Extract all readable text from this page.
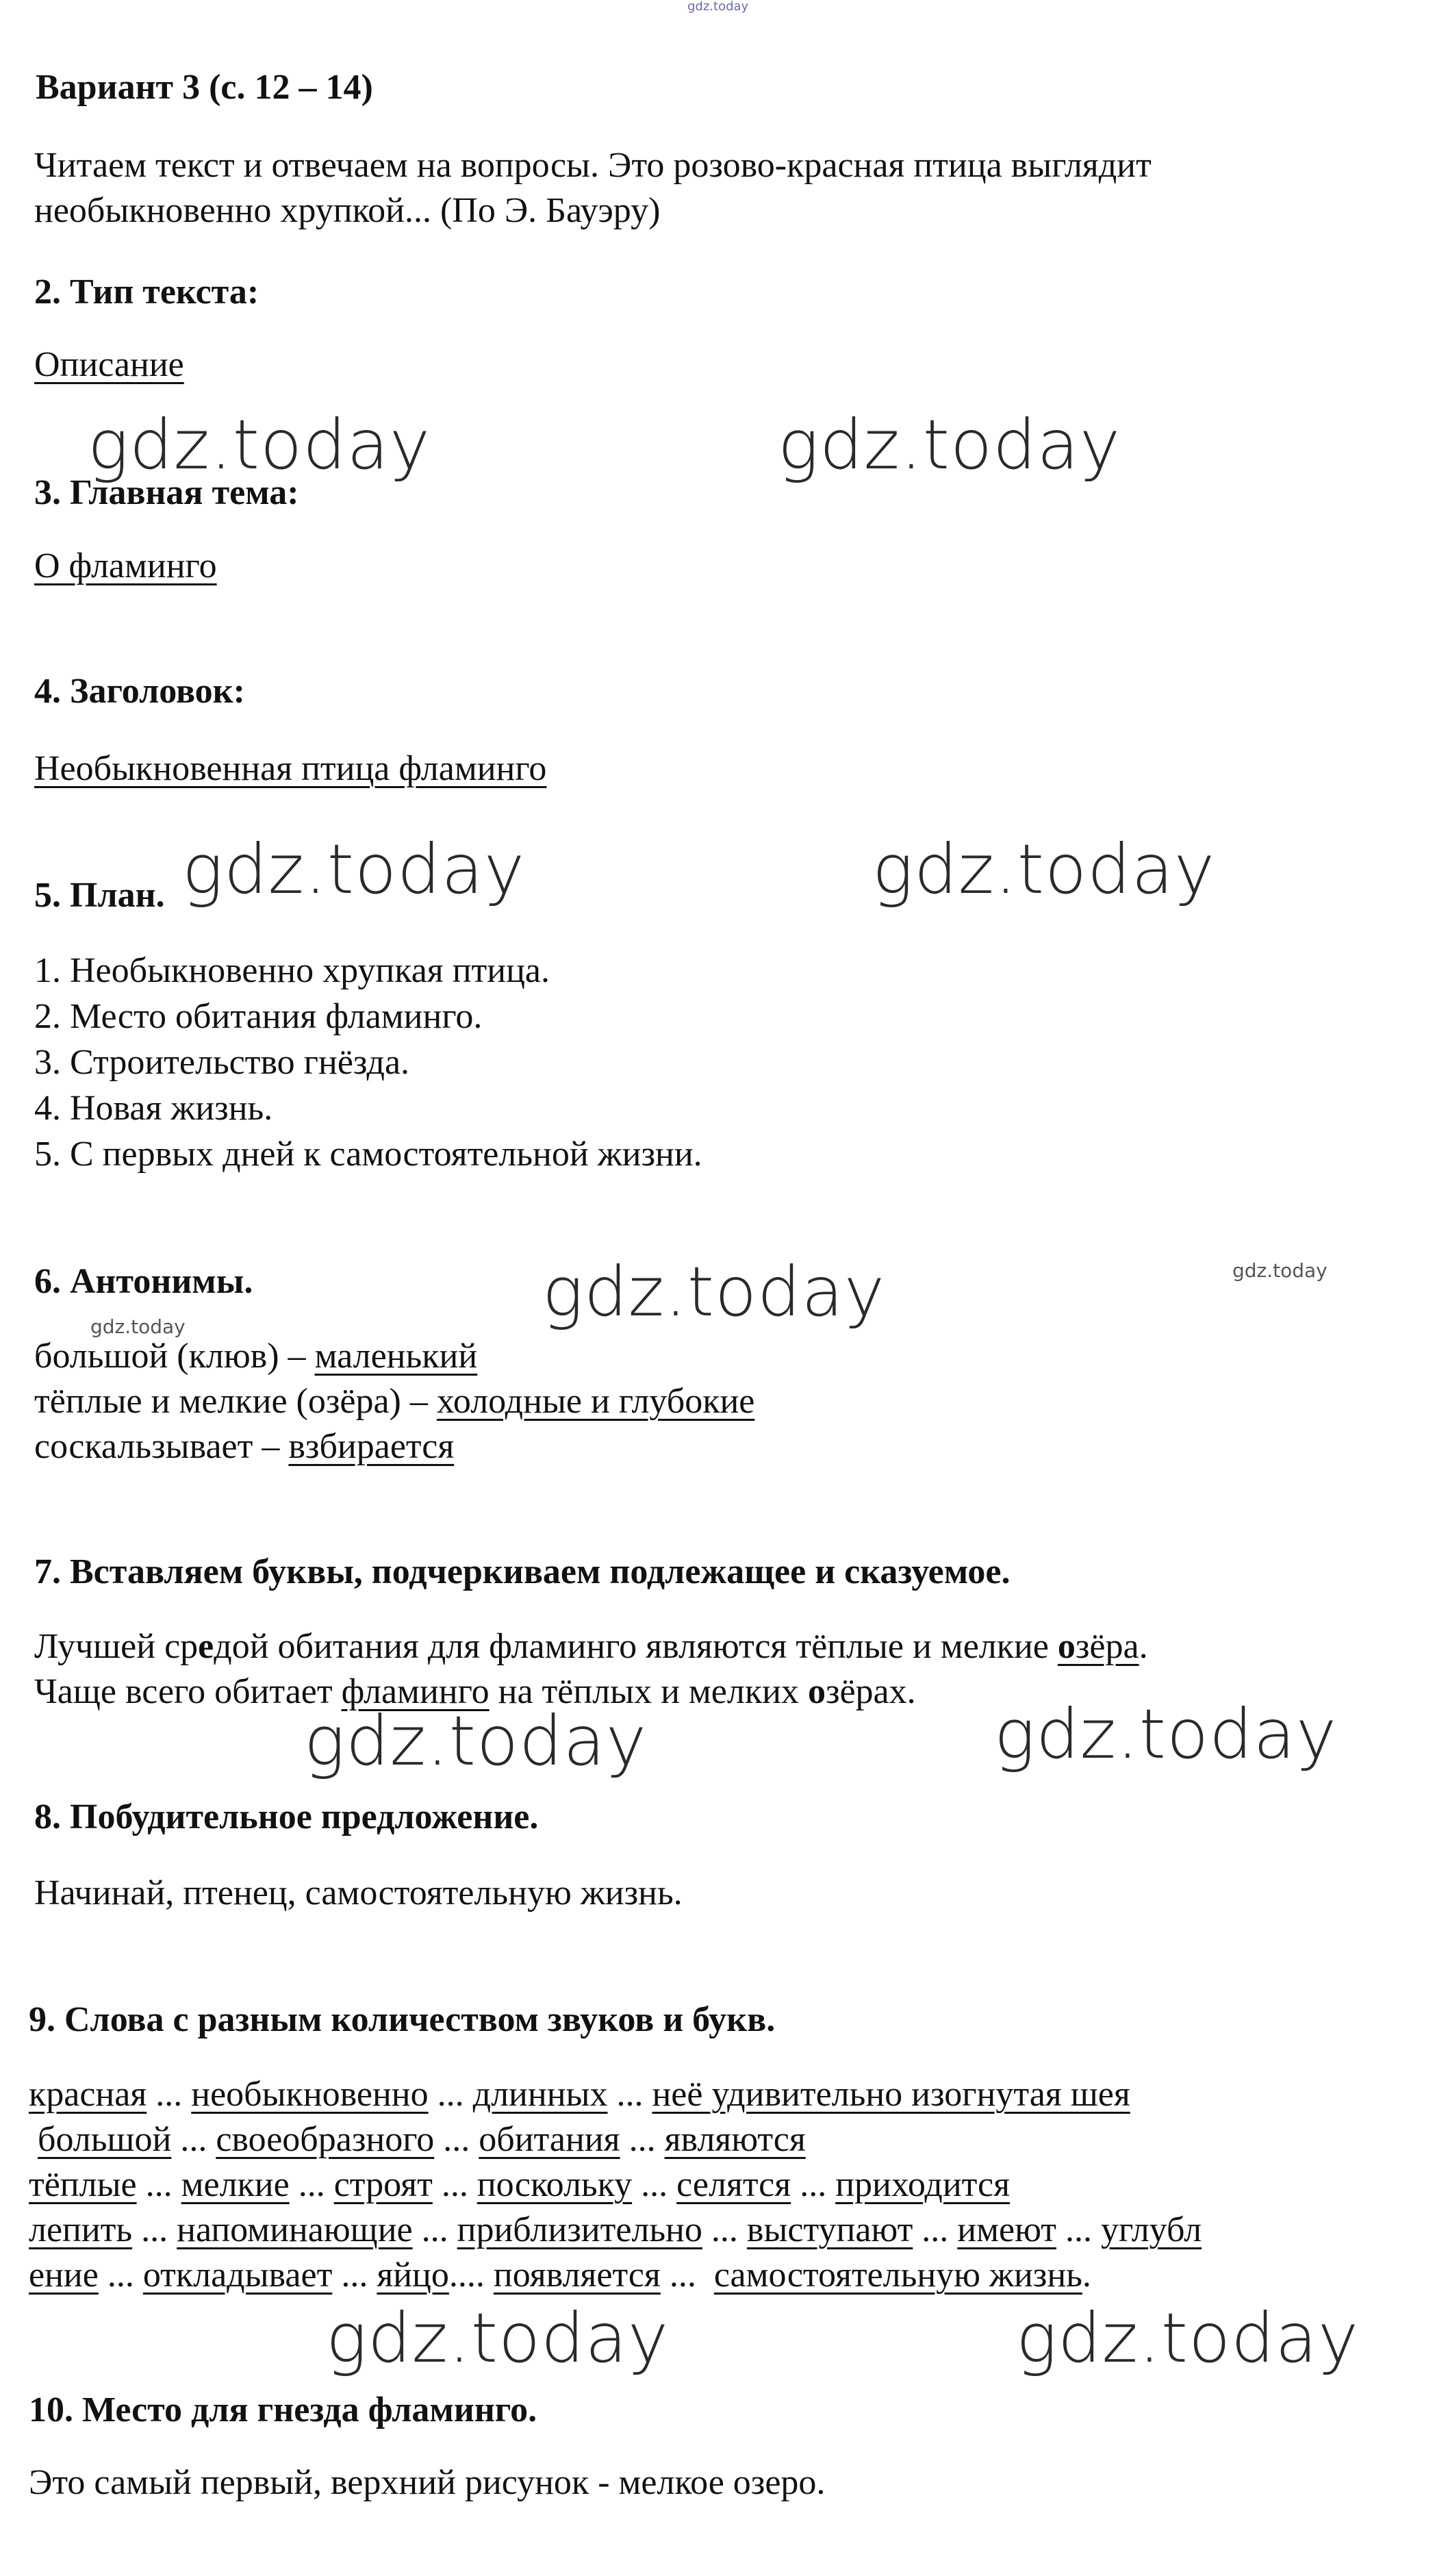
gdz.today
Вариант 3 (с. 12 – 14)
Читаем текст и отвечаем на вопросы. Это розово-красная птица выглядит
необыкновенно хрупкой... (По Э. Бауэру)
2. Тип текста:
Описание
gdz.today	gdz.today
3. Главная тема:
О фламинго
4. Заголовок:
Необыкновенная птица фламинго
5. План. gdz.today	gdz.today
1. Необыкновенно хрупкая птица.
2. Место обитания фламинго.
3. Строительство гнёзда.
4. Новая жизнь.
5. С первых дней к самостоятельной жизни.
6. Антонимы.	gdz.today	gdz.today
gdz.today
большой (клюв) – маленький
тёплые и мелкие (озёра) – холодные и глубокие
соскальзывает – взбирается
7. Вставляем буквы, подчеркиваем подлежащее и сказуемое.
Лучшей средой обитания для фламинго являются тёплые и мелкие озёра.
Чаще всего обитает фламинго на тёплых и мелких озёрах.
gdz.today	gdz.today
8. Побудительное предложение.
Начинай, птенец, самостоятельную жизнь.
9. Слова с разным количеством звуков и букв.
красная ... необыкновенно ... длинных ... неё удивительно изогнутая шея
большой ... своеобразного ... обитания ... являются
тёплые ... мелкие ... строят ... поскольку ... селятся ... приходится
лепить ... напоминающие ... приблизительно ... выступают ... имеют ... углубл
ение ... откладывает ... яйцо.... появляется ...  самостоятельную жизнь.
gdz.today	gdz.today
10. Место для гнезда фламинго.
Это самый первый, верхний рисунок - мелкое озеро.
